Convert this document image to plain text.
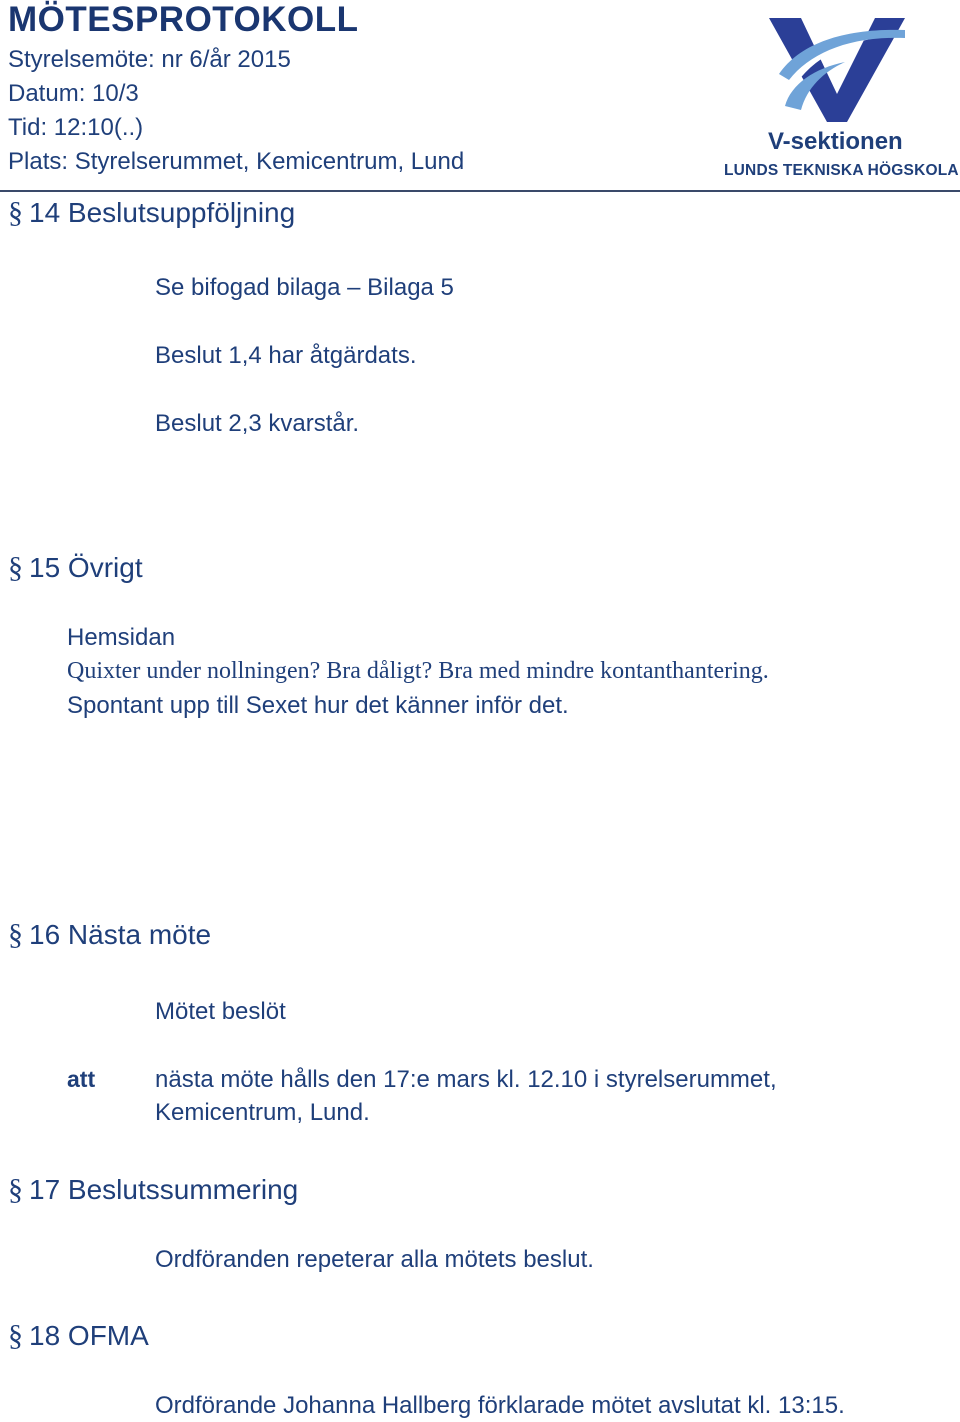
MÖTESPROTOKOLL
Styrelsemöte: nr 6/år 2015
Datum: 10/3
Tid: 12:10(..)
Plats: Styrelserummet, Kemicentrum, Lund
V-sektionen
LUNDS TEKNISKA HÖGSKOLA
§ 14 Beslutsuppföljning
Se bifogad bilaga – Bilaga 5
Beslut 1,4 har åtgärdats.
Beslut 2,3 kvarstår.
§ 15 Övrigt
Hemsidan
Quixter under nollningen? Bra dåligt? Bra med mindre kontanthantering.
Spontant upp till Sexet hur det känner inför det.
§ 16 Nästa möte
Mötet beslöt
att nästa möte hålls den 17:e mars kl. 12.10 i styrelserummet,
Kemicentrum, Lund.
§ 17 Beslutssummering
Ordföranden repeterar alla mötets beslut.
§ 18 OFMA
Ordförande Johanna Hallberg förklarade mötet avslutat kl. 13:15.
